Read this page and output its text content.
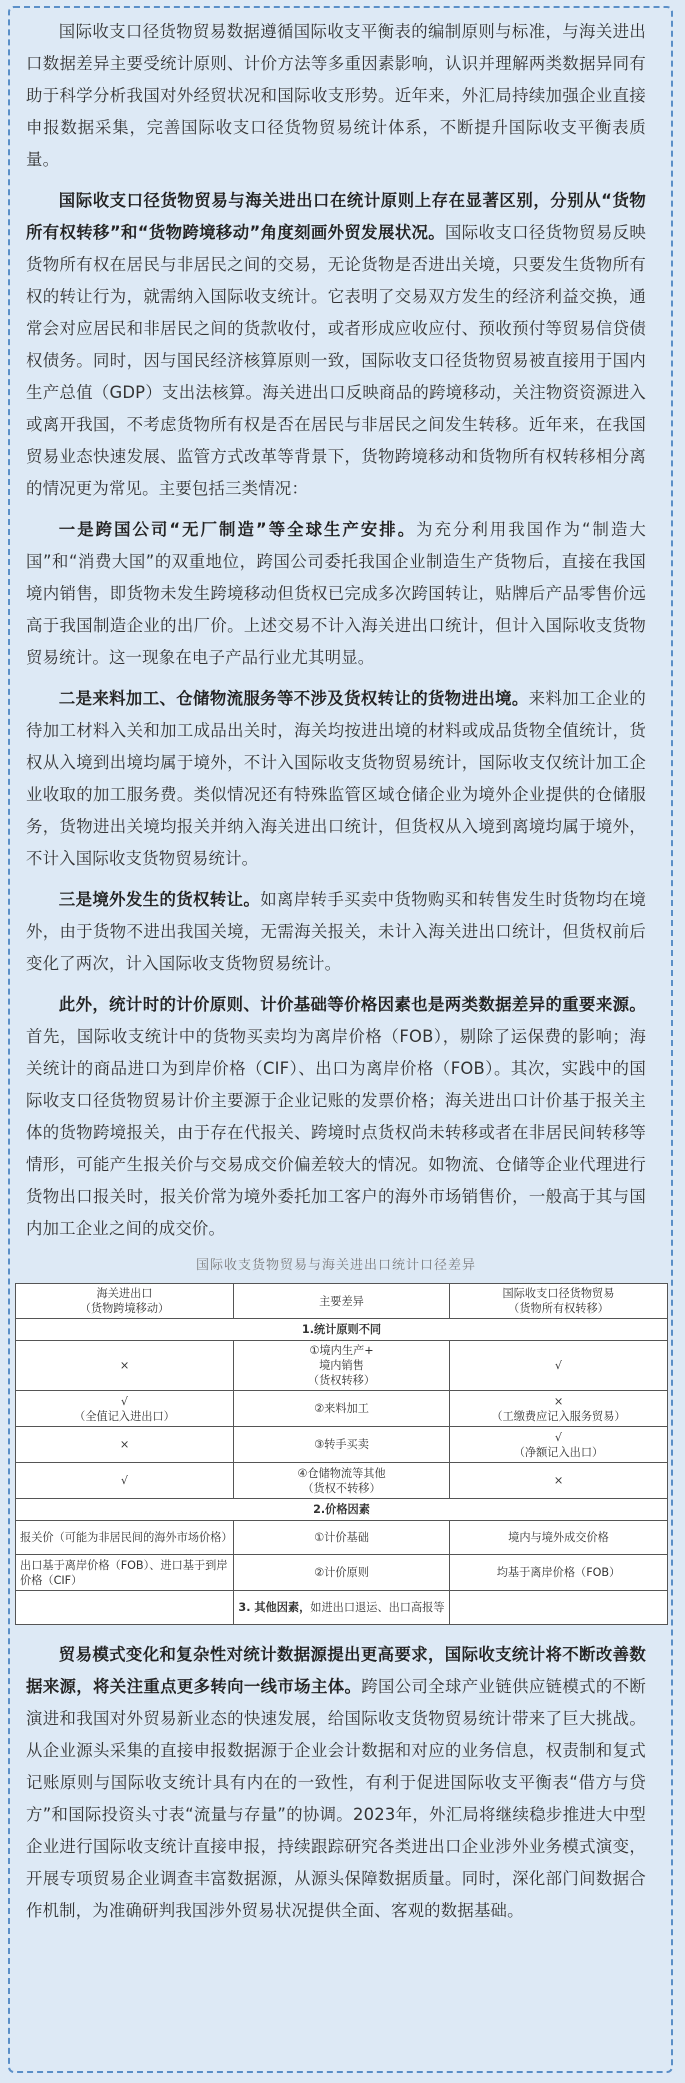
国际收支口径货物贸易数据遵循国际收支平衡表的编制原则与标准，与海关进出口数据差异主要受统计原则、计价方法等多重因素影响，认识并理解两类数据异同有助于科学分析我国对外经贸状况和国际收支形势。近年来，外汇局持续加强企业直接申报数据采集，完善国际收支口径货物贸易统计体系，不断提升国际收支平衡表质量。

国际收支口径货物贸易与海关进出口在统计原则上存在显著区别，分别从“货物所有权转移”和“货物跨境移动”角度刻画外贸发展状况。国际收支口径货物贸易反映货物所有权在居民与非居民之间的交易，无论货物是否进出关境，只要发生货物所有权的转让行为，就需纳入国际收支统计。它表明了交易双方发生的经济利益交换，通常会对应居民和非居民之间的货款收付，或者形成应收应付、预收预付等贸易信贷债权债务。同时，因与国民经济核算原则一致，国际收支口径货物贸易被直接用于国内生产总值（GDP）支出法核算。海关进出口反映商品的跨境移动，关注物资资源进入或离开我国，不考虑货物所有权是否在居民与非居民之间发生转移。近年来，在我国贸易业态快速发展、监管方式改革等背景下，货物跨境移动和货物所有权转移相分离的情况更为常见。主要包括三类情况：

一是跨国公司“无厂制造”等全球生产安排。为充分利用我国作为“制造大国”和“消费大国”的双重地位，跨国公司委托我国企业制造生产货物后，直接在我国境内销售，即货物未发生跨境移动但货权已完成多次跨国转让，贴牌后产品零售价远高于我国制造企业的出厂价。上述交易不计入海关进出口统计，但计入国际收支货物贸易统计。这一现象在电子产品行业尤其明显。

二是来料加工、仓储物流服务等不涉及货权转让的货物进出境。来料加工企业的待加工材料入关和加工成品出关时，海关均按进出境的材料或成品货物全值统计，货权从入境到出境均属于境外，不计入国际收支货物贸易统计，国际收支仅统计加工企业收取的加工服务费。类似情况还有特殊监管区域仓储企业为境外企业提供的仓储服务，货物进出关境均报关并纳入海关进出口统计，但货权从入境到离境均属于境外，不计入国际收支货物贸易统计。

三是境外发生的货权转让。如离岸转手买卖中货物购买和转售发生时货物均在境外，由于货物不进出我国关境，无需海关报关，未计入海关进出口统计，但货权前后变化了两次，计入国际收支货物贸易统计。

此外，统计时的计价原则、计价基础等价格因素也是两类数据差异的重要来源。首先，国际收支统计中的货物买卖均为离岸价格（FOB），剔除了运保费的影响；海关统计的商品进口为到岸价格（CIF）、出口为离岸价格（FOB）。其次，实践中的国际收支口径货物贸易计价主要源于企业记账的发票价格；海关进出口计价基于报关主体的货物跨境报关，由于存在代报关、跨境时点货权尚未转移或者在非居民间转移等情形，可能产生报关价与交易成交价偏差较大的情况。如物流、仓储等企业代理进行货物出口报关时，报关价常为境外委托加工客户的海外市场销售价，一般高于其与国内加工企业之间的成交价。

国际收支货物贸易与海关进出口统计口径差异
海关进出口
（货物跨境移动）	主要差异	国际收支口径货物贸易
（货物所有权转移）
1.统计原则不同		
×	①境内生产+
境内销售
（货权转移）	√
√
（全值记入进出口）	②来料加工	×
（工缴费应记入服务贸易）
×	③转手买卖	√
（净额记入出口）
√	④仓储物流等其他
（货权不转移）	×
2.价格因素		
报关价（可能为非居民间的海外市场价格）	①计价基础	境内与境外成交价格
出口基于离岸价格（FOB）、进口基于到岸价格（CIF）	②计价原则	均基于离岸价格（FOB）
	3. 其他因素，如进出口退运、出口高报等	

贸易模式变化和复杂性对统计数据源提出更高要求，国际收支统计将不断改善数据来源，将关注重点更多转向一线市场主体。跨国公司全球产业链供应链模式的不断演进和我国对外贸易新业态的快速发展，给国际收支货物贸易统计带来了巨大挑战。从企业源头采集的直接申报数据源于企业会计数据和对应的业务信息，权责制和复式记账原则与国际收支统计具有内在的一致性，有利于促进国际收支平衡表“借方与贷方”和国际投资头寸表“流量与存量”的协调。2023年，外汇局将继续稳步推进大中型企业进行国际收支统计直接申报，持续跟踪研究各类进出口企业涉外业务模式演变，开展专项贸易企业调查丰富数据源，从源头保障数据质量。同时，深化部门间数据合作机制，为准确研判我国涉外贸易状况提供全面、客观的数据基础。
